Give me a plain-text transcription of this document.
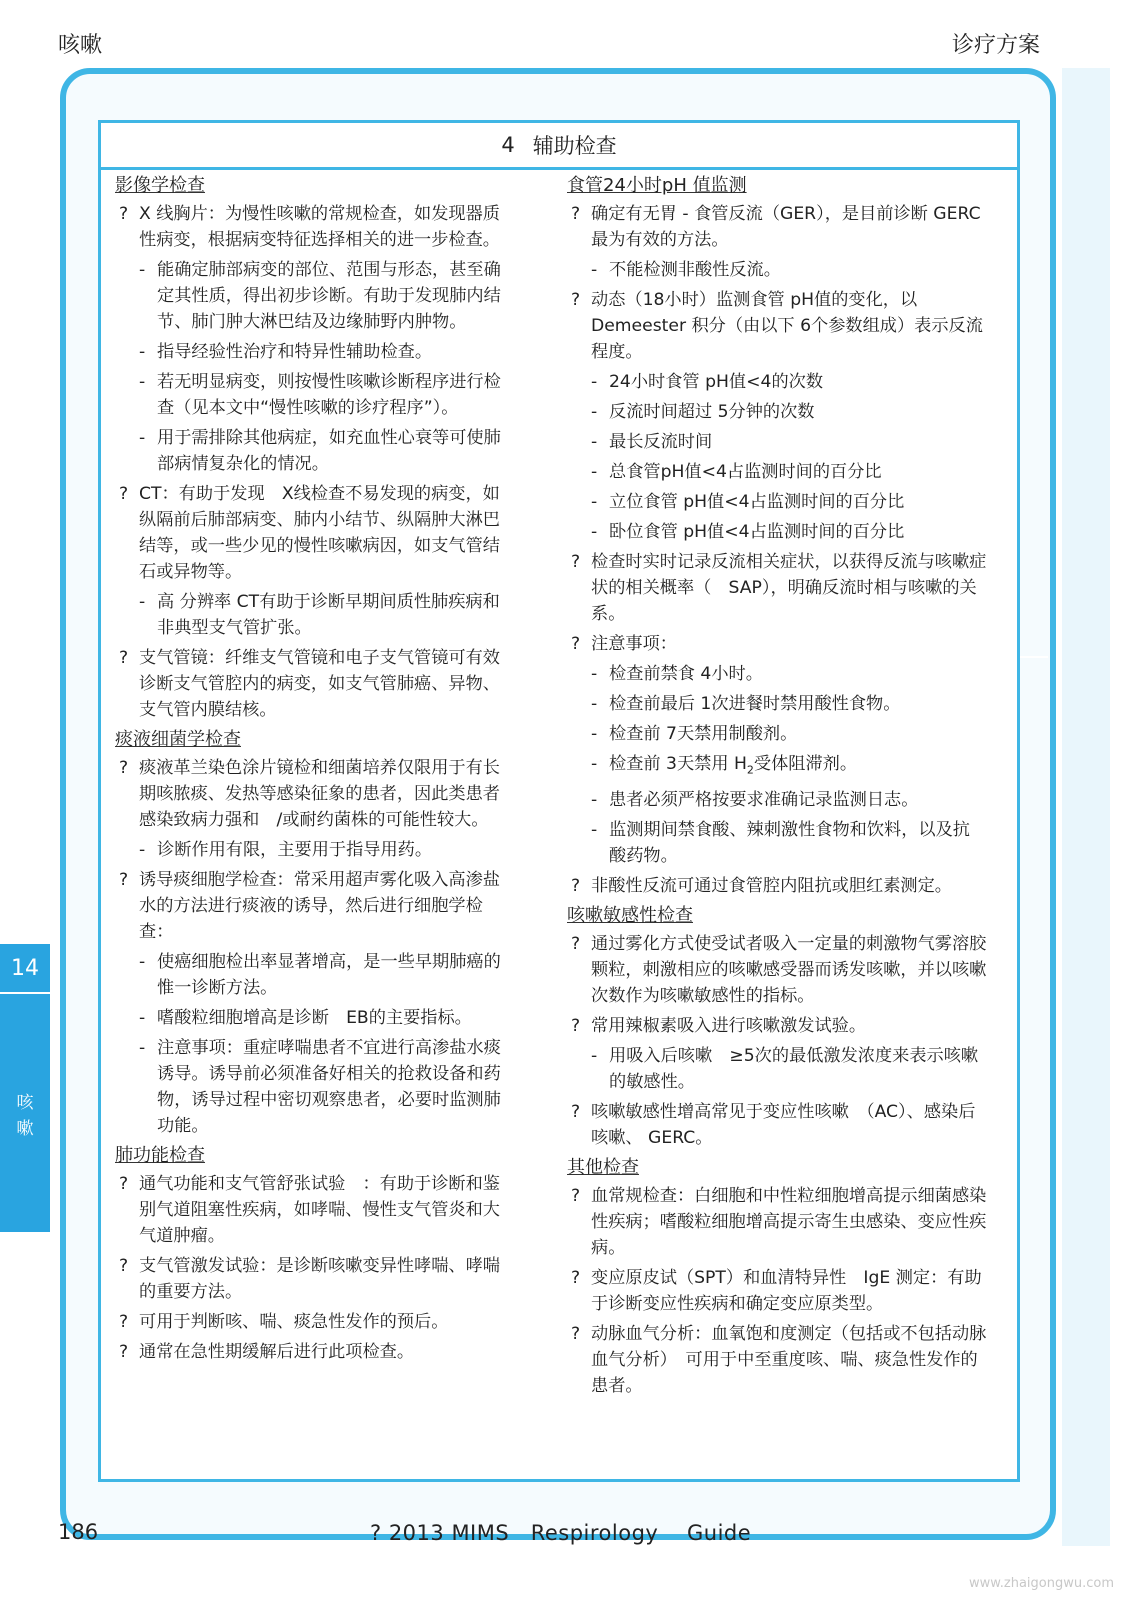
咳嗽	诊疗方案
4 辅助检查
影像学检查
? X 线胸片：为慢性咳嗽的常规检查，如发现器质性病变，根据病变特征选择相关的进一步检查。
- 能确定肺部病变的部位、范围与形态，甚至确定其性质，得出初步诊断。有助于发现肺内结节、肺门肿大淋巴结及边缘肺野内肿物。
- 指导经验性治疗和特异性辅助检查。
- 若无明显病变，则按慢性咳嗽诊断程序进行检查（见本文中“慢性咳嗽的诊疗程序”）。
- 用于需排除其他病症，如充血性心衰等可使肺部病情复杂化的情况。
? CT：有助于发现　X线检查不易发现的病变，如纵隔前后肺部病变、肺内小结节、纵隔肿大淋巴结等，或一些少见的慢性咳嗽病因，如支气管结石或异物等。
- 高 分辨率 CT有助于诊断早期间质性肺疾病和非典型支气管扩张。
? 支气管镜：纤维支气管镜和电子支气管镜可有效诊断支气管腔内的病变，如支气管肺癌、异物、支气管内膜结核。
痰液细菌学检查
? 痰液革兰染色涂片镜检和细菌培养仅限用于有长期咳脓痰、发热等感染征象的患者，因此类患者感染致病力强和　/或耐约菌株的可能性较大。
- 诊断作用有限，主要用于指导用药。
? 诱导痰细胞学检查：常采用超声雾化吸入高渗盐水的方法进行痰液的诱导，然后进行细胞学检查：
- 使癌细胞检出率显著增高，是一些早期肺癌的惟一诊断方法。
- 嗜酸粒细胞增高是诊断　EB的主要指标。
- 注意事项：重症哮喘患者不宜进行高渗盐水痰诱导。诱导前必须准备好相关的抢救设备和药物，诱导过程中密切观察患者，必要时监测肺功能。
肺功能检查
? 通气功能和支气管舒张试验　：有助于诊断和鉴别气道阻塞性疾病，如哮喘、慢性支气管炎和大气道肿瘤。
? 支气管激发试验：是诊断咳嗽变异性哮喘、哮喘的重要方法。
? 可用于判断咳、喘、痰急性发作的预后。
? 通常在急性期缓解后进行此项检查。
食管24小时pH 值监测
? 确定有无胃 - 食管反流（GER），是目前诊断 GERC最为有效的方法。
- 不能检测非酸性反流。
? 动态（18小时）监测食管 pH值的变化，以 Demeester 积分（由以下 6个参数组成）表示反流程度。
- 24小时食管 pH值<4的次数
- 反流时间超过 5分钟的次数
- 最长反流时间
- 总食管pH值<4占监测时间的百分比
- 立位食管 pH值<4占监测时间的百分比
- 卧位食管 pH值<4占监测时间的百分比
? 检查时实时记录反流相关症状，以获得反流与咳嗽症状的相关概率（　SAP），明确反流时相与咳嗽的关系。
? 注意事项：
- 检查前禁食 4小时。
- 检查前最后 1次进餐时禁用酸性食物。
- 检查前 7天禁用制酸剂。
- 检查前 3天禁用 $H_2$受体阻滞剂。
- 患者必须严格按要求准确记录监测日志。
- 监测期间禁食酸、辣刺激性食物和饮料，以及抗酸药物。
? 非酸性反流可通过食管腔内阻抗或胆红素测定。
咳嗽敏感性检查
? 通过雾化方式使受试者吸入一定量的刺激物气雾溶胶颗粒，刺激相应的咳嗽感受器而诱发咳嗽，并以咳嗽次数作为咳嗽敏感性的指标。
? 常用辣椒素吸入进行咳嗽激发试验。
- 用吸入后咳嗽　≥5次的最低激发浓度来表示咳嗽的敏感性。
? 咳嗽敏感性增高常见于变应性咳嗽　（AC）、感染后咳嗽、 GERC。
其他检查
? 血常规检查：白细胞和中性粒细胞增高提示细菌感染性疾病；嗜酸粒细胞增高提示寄生虫感染、变应性疾病。
? 变应原皮试（SPT）和血清特异性　IgE 测定：有助于诊断变应性疾病和确定变应原类型。
? 动脉血气分析：血氧饱和度测定（包括或不包括动脉血气分析）　可用于中至重度咳、喘、痰急性发作的患者。
14
咳嗽
186	? 2013 MIMS　Respirology　 Guide
www.zhaigongwu.com
